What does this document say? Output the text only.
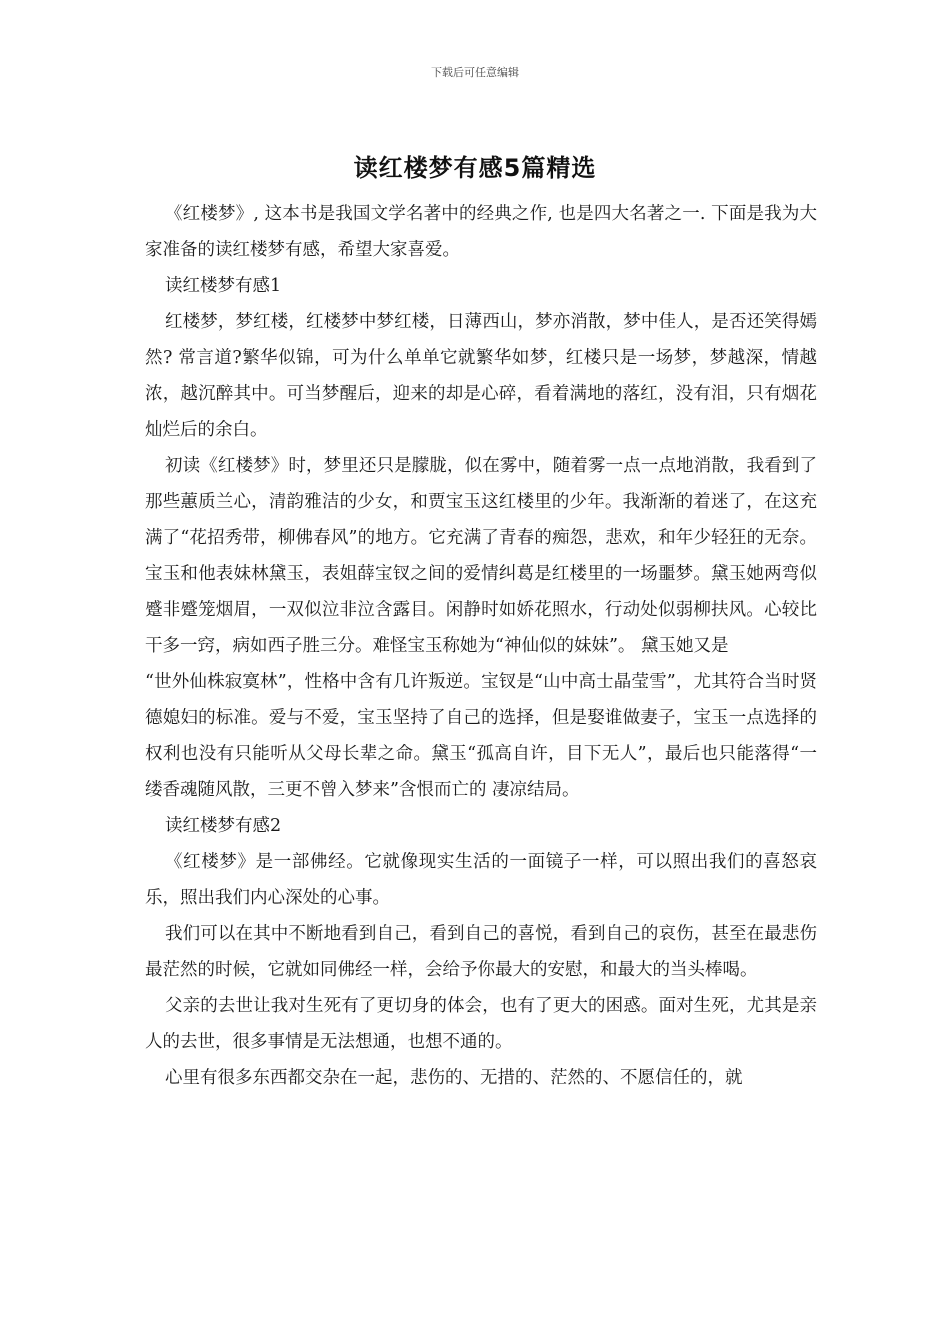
下载后可任意编辑
读红楼梦有感5篇精选

《红楼梦》, 这本书是我国文学名著中的经典之作, 也是四大名著之一. 下面是我为大家准备的读红楼梦有感，希望大家喜爱。

读红楼梦有感1

红楼梦，梦红楼，红楼梦中梦红楼，日薄西山，梦亦消散，梦中佳人，是否还笑得嫣然? 常言道?繁华似锦，可为什么单单它就繁华如梦，红楼只是一场梦，梦越深，情越浓，越沉醉其中。可当梦醒后，迎来的却是心碎，看着满地的落红，没有泪，只有烟花灿烂后的余白。

初读《红楼梦》时，梦里还只是朦胧，似在雾中，随着雾一点一点地消散，我看到了那些蕙质兰心，清韵雅洁的少女，和贾宝玉这红楼里的少年。我渐渐的着迷了，在这充满了“花招秀带，柳佛春风”的地方。它充满了青春的痴怨，悲欢，和年少轻狂的无奈。 宝玉和他表妹林黛玉，表姐薛宝钗之间的爱情纠葛是红楼里的一场噩梦。黛玉她两弯似蹙非蹙笼烟眉，一双似泣非泣含露目。闲静时如娇花照水，行动处似弱柳扶风。心较比干多一窍，病如西子胜三分。难怪宝玉称她为“神仙似的妹妹”。 黛玉她又是

“世外仙株寂寞林”，性格中含有几许叛逆。宝钗是“山中高士晶莹雪”，尤其符合当时贤德媳妇的标准。爱与不爱，宝玉坚持了自己的选择，但是娶谁做妻子，宝玉一点选择的权利也没有只能听从父母长辈之命。黛玉“孤高自许，目下无人”，最后也只能落得“一缕香魂随风散，三更不曾入梦来”含恨而亡的 凄凉结局。

读红楼梦有感2

《红楼梦》是一部佛经。它就像现实生活的一面镜子一样，可以照出我们的喜怒哀乐，照出我们内心深处的心事。

我们可以在其中不断地看到自己，看到自己的喜悦，看到自己的哀伤，甚至在最悲伤最茫然的时候，它就如同佛经一样，会给予你最大的安慰，和最大的当头棒喝。

父亲的去世让我对生死有了更切身的体会，也有了更大的困惑。面对生死，尤其是亲人的去世，很多事情是无法想通，也想不通的。

心里有很多东西都交杂在一起，悲伤的、无措的、茫然的、不愿信任的，就
